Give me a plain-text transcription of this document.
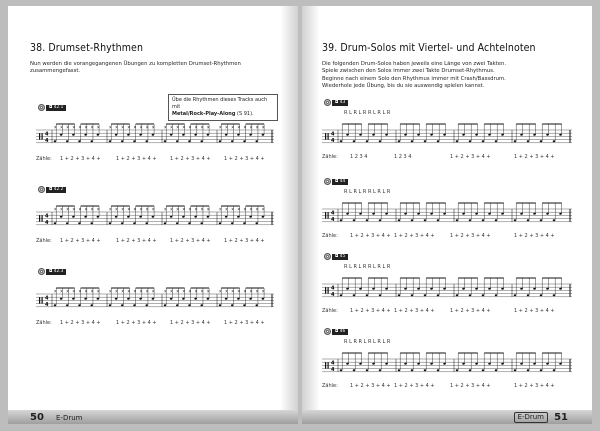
38. Drumset-Rhythmen
Nun werden die vorangegangenen Übungen zu kompletten Drumset-Rhythmen zusammengefasst.
Übe die Rhythmen dieses Tracks auch mit
Metal/Rock-Play-Along (S 91).
◘ 42.1
4
4
× × × × × × × × × × × × × × × × × × × × × × × × × × × × × × × ×
Zähle: 1 + 2 + 3 + 4 +	1 + 2 + 3 + 4 +	1 + 2 + 3 + 4 +	1 + 2 + 3 + 4 +
◘ 42.2
4
4
× × × × × × × × × × × × × × × × × × × × × × × × × × × × × × × ×
Zähle: 1 + 2 + 3 + 4 +	1 + 2 + 3 + 4 +	1 + 2 + 3 + 4 +	1 + 2 + 3 + 4 +
◘ 42.3
4
4
× × × × × × × × × × × × × × × × × × × × × × × × × × × × × × × ×
Zähle: 1 + 2 + 3 + 4 +	1 + 2 + 3 + 4 +	1 + 2 + 3 + 4 +	1 + 2 + 3 + 4 +
50 E-Drum
39. Drum-Solos mit Viertel- und Achtelnoten
Die folgenden Drum-Solos haben jeweils eine Länge von zwei Takten.
Spiele zwischen den Solos immer zwei Takte Drumset-Rhythmus.
Beginne nach einem Solo den Rhythmus immer mit Crash/Bassdrum.
Wiederhole jede Übung, bis du sie auswendig spielen kannst.
◘ 43
R L R L R R L R L R
4
4
Zähle: 1 2 3 4	1 2 3 4	1 + 2 + 3 + 4 +	1 + 2 + 3 + 4 +
◘ 44
R L R L R R L R L R
4
4
Zähle: 1 + 2 + 3 + 4 + 1 + 2 + 3 + 4 +	1 + 2 + 3 + 4 +	1 + 2 + 3 + 4 +
◘ 45
R L R L R R L R L R
4
4
Zähle: 1 + 2 + 3 + 4 + 1 + 2 + 3 + 4 +	1 + 2 + 3 + 4 +	1 + 2 + 3 + 4 +
◘ 46
R L R R L R L R L R
4
4
Zähle: 1 + 2 + 3 + 4 + 1 + 2 + 3 + 4 +	1 + 2 + 3 + 4 +	1 + 2 + 3 + 4 +
E-Drum	51
